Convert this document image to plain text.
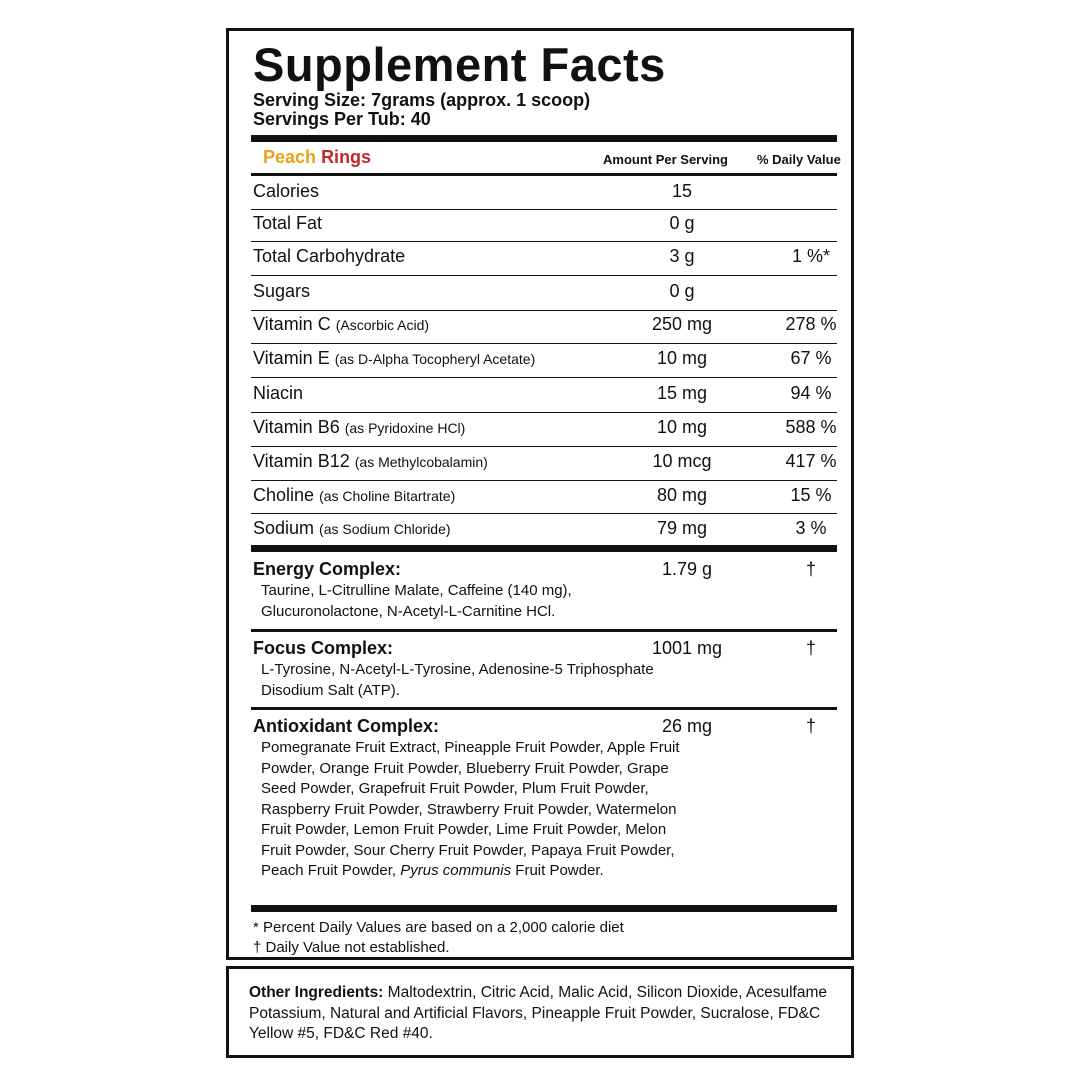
Supplement Facts
Serving Size: 7grams (approx. 1 scoop)
Servings Per Tub: 40
Peach Rings	Amount Per Serving % Daily Value
Calories	15
Total Fat	0 g
Total Carbohydrate	3 g	1 %*
Sugars	0 g
Vitamin C (Ascorbic Acid)	250 mg	278 %
Vitamin E (as D-Alpha Tocopheryl Acetate)	10 mg	67 %
Niacin	15 mg	94 %
Vitamin B6 (as Pyridoxine HCl)	10 mg	588 %
Vitamin B12 (as Methylcobalamin)	10 mcg	417 %
Choline (as Choline Bitartrate)	80 mg	15 %
Sodium (as Sodium Chloride)	79 mg	3 %
Energy Complex:	1.79 g	†
Taurine, L-Citrulline Malate, Caffeine (140 mg), Glucuronolactone, N-Acetyl-L-Carnitine HCl.
Focus Complex:	1001 mg	†
L-Tyrosine, N-Acetyl-L-Tyrosine, Adenosine-5 Triphosphate Disodium Salt (ATP).
Antioxidant Complex:	26 mg	†
Pomegranate Fruit Extract, Pineapple Fruit Powder, Apple Fruit Powder, Orange Fruit Powder, Blueberry Fruit Powder, Grape Seed Powder, Grapefruit Fruit Powder, Plum Fruit Powder, Raspberry Fruit Powder, Strawberry Fruit Powder, Watermelon Fruit Powder, Lemon Fruit Powder, Lime Fruit Powder, Melon Fruit Powder, Sour Cherry Fruit Powder, Papaya Fruit Powder, Peach Fruit Powder, Pyrus communis Fruit Powder.
* Percent Daily Values are based on a 2,000 calorie diet
† Daily Value not established.
Other Ingredients: Maltodextrin, Citric Acid, Malic Acid, Silicon Dioxide, Acesulfame Potassium, Natural and Artificial Flavors, Pineapple Fruit Powder, Sucralose, FD&C Yellow #5, FD&C Red #40.
